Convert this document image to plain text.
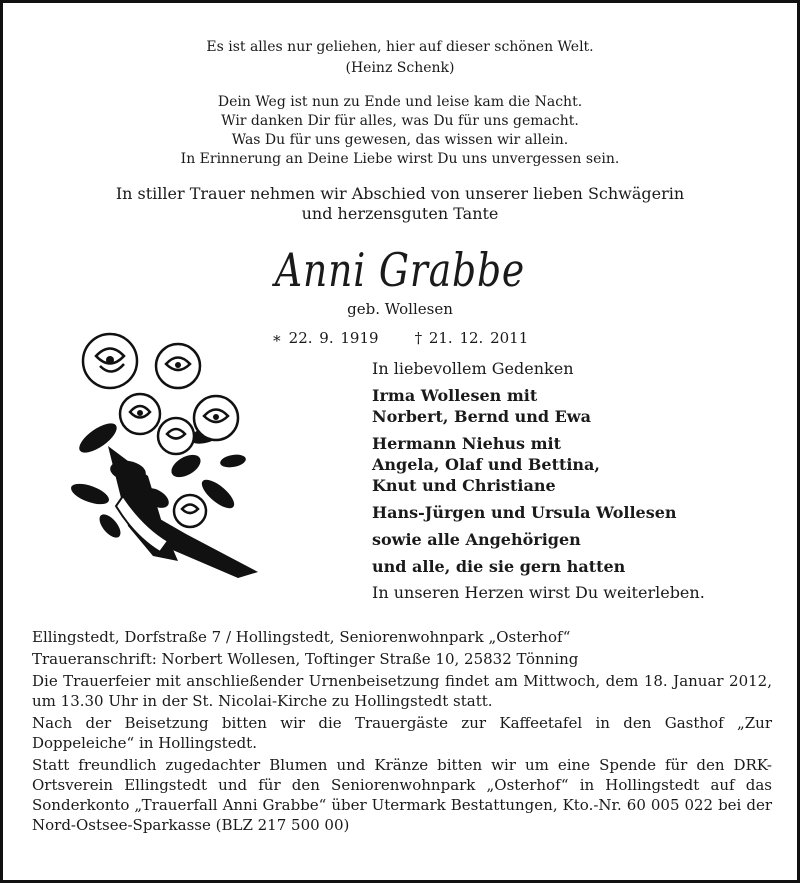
Es ist alles nur geliehen, hier auf dieser schönen Welt.
(Heinz Schenk)
Dein Weg ist nun zu Ende und leise kam die Nacht.
Wir danken Dir für alles, was Du für uns gemacht.
Was Du für uns gewesen, das wissen wir allein.
In Erinnerung an Deine Liebe wirst Du uns unvergessen sein.
In stiller Trauer nehmen wir Abschied von unserer lieben Schwägerin
und herzensguten Tante
Anni Grabbe
geb. Wollesen
∗ 22. 9. 1919 † 21. 12. 2011
In liebevollem Gedenken
Irma Wollesen mit
Norbert, Bernd und Ewa
Hermann Niehus mit
Angela, Olaf und Bettina,
Knut und Christiane
Hans-Jürgen und Ursula Wollesen
sowie alle Angehörigen
und alle, die sie gern hatten
In unseren Herzen wirst Du weiterleben.

Ellingstedt, Dorfstraße 7 / Hollingstedt, Seniorenwohnpark „Osterhof“

Traueranschrift: Norbert Wollesen, Toftinger Straße 10, 25832 Tönning

Die Trauerfeier mit anschließender Urnenbeisetzung findet am Mittwoch, dem 18. Januar 2012, um 13.30 Uhr in der St. Nicolai-Kirche zu Hollingstedt statt.

Nach der Beisetzung bitten wir die Trauergäste zur Kaffeetafel in den Gasthof „Zur Doppeleiche“ in Hollingstedt.

Statt freundlich zugedachter Blumen und Kränze bitten wir um eine Spende für den DRK-Ortsverein Ellingstedt und für den Seniorenwohnpark „Osterhof“ in Hollingstedt auf das Sonderkonto „Trauerfall Anni Grabbe“ über Utermark Bestattungen, Kto.-Nr. 60 005 022 bei der Nord-Ostsee-Sparkasse (BLZ 217 500 00)
